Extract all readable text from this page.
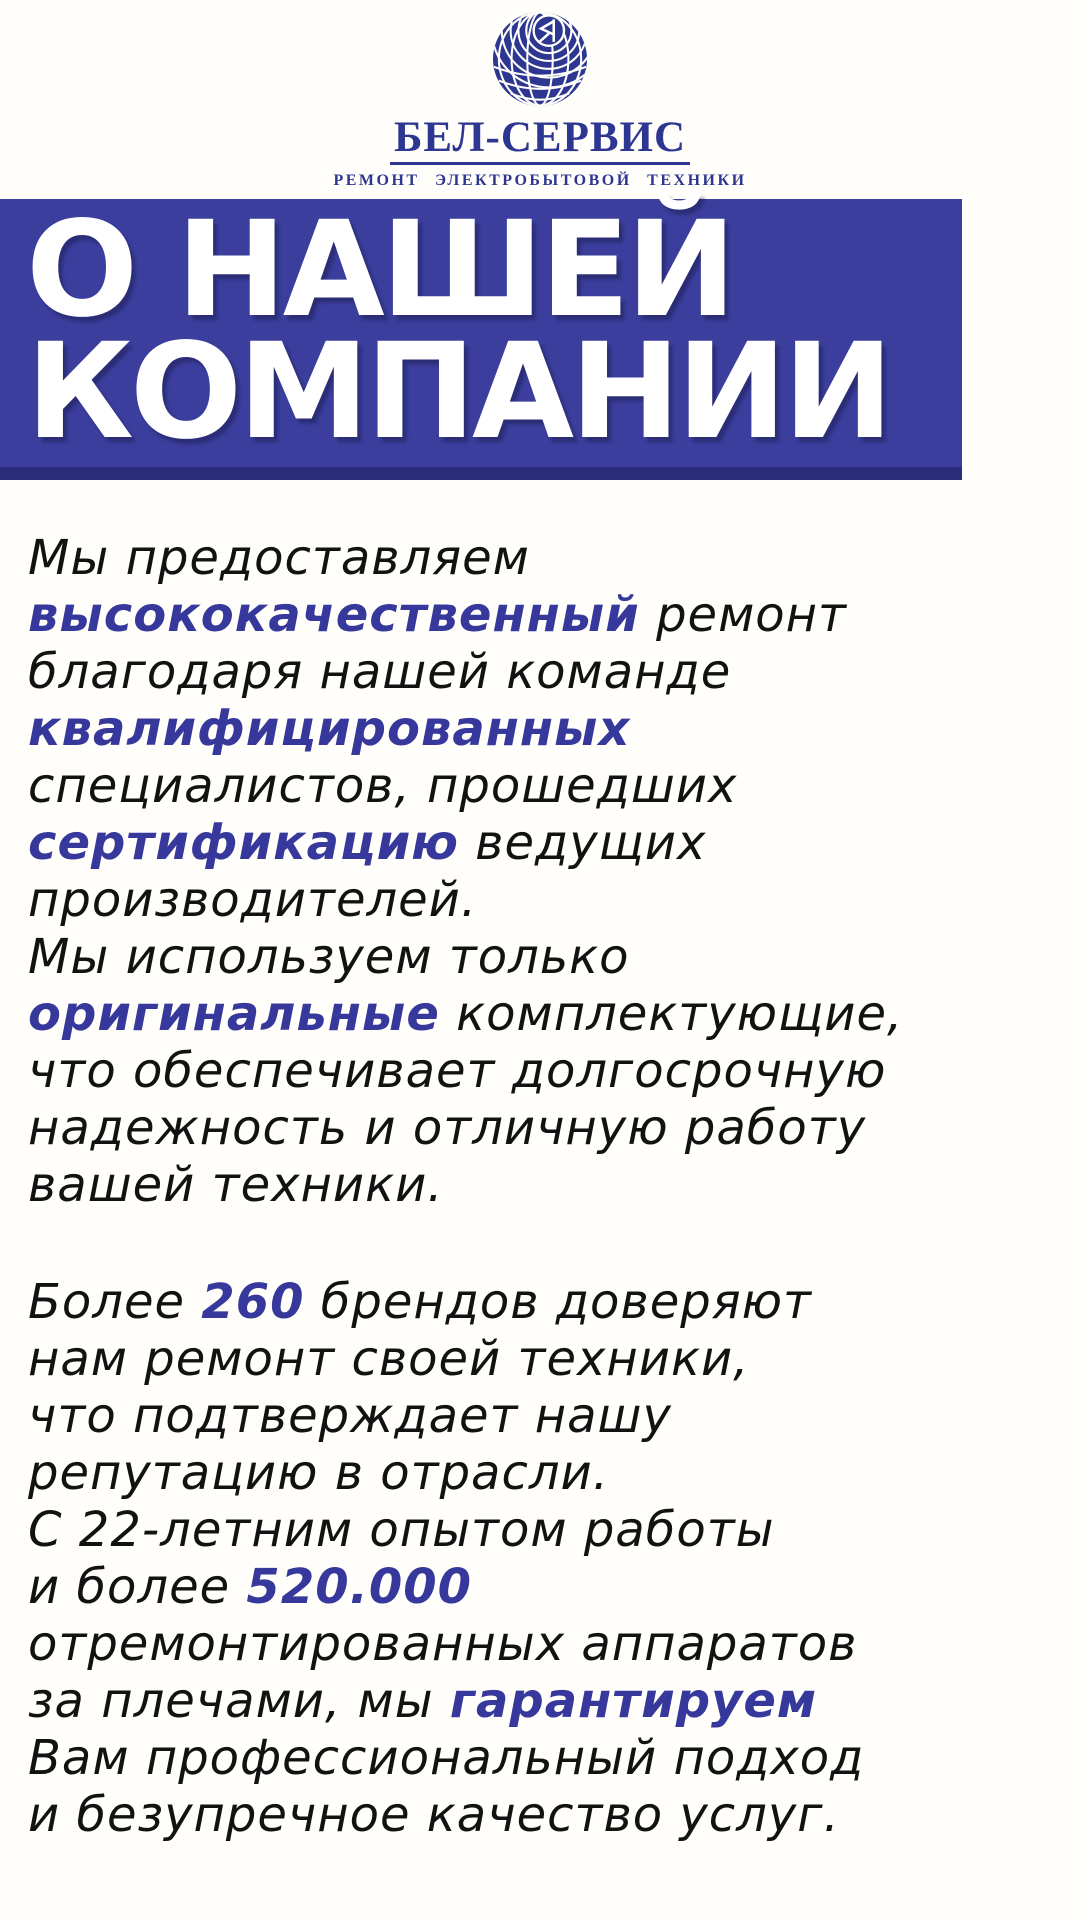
БЕЛ-СЕРВИС
РЕМОНТ ЭЛЕКТРОБЫТОВОЙ ТЕХНИКИ
О НАШЕЙ
КОМПАНИИ
Мы предоставляем
высококачественный ремонт
благодаря нашей команде
квалифицированных
специалистов, прошедших
сертификацию ведущих
производителей.
Мы используем только
оригинальные комплектующие,
что обеспечивает долгосрочную
надежность и отличную работу
вашей техники.
Более 260 брендов доверяют
нам ремонт своей техники,
что подтверждает нашу
репутацию в отрасли.
С 22-летним опытом работы
и более 520.000
отремонтированных аппаратов
за плечами, мы гарантируем
Вам профессиональный подход
и безупречное качество услуг.
